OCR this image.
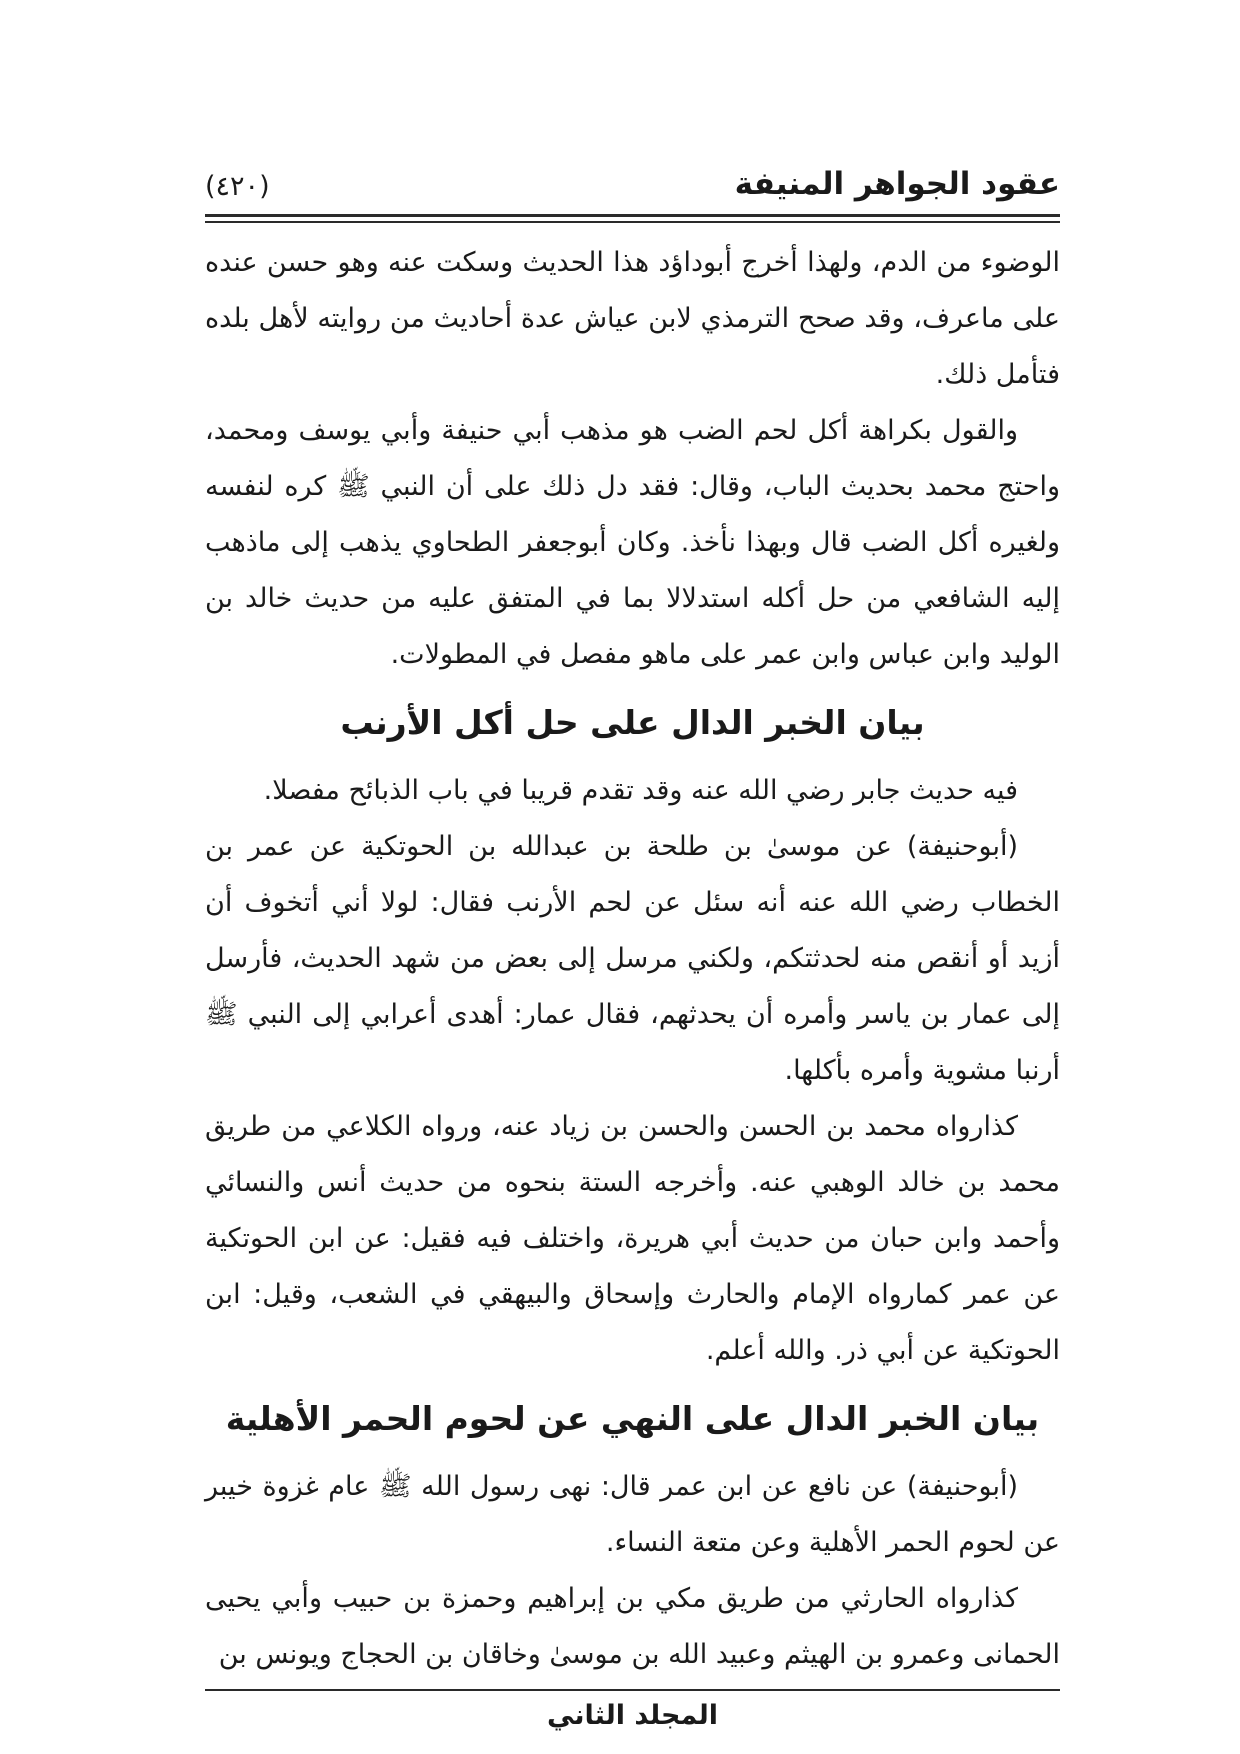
عقود الجواهر المنيفة
(٤٢٠)

الوضوء من الدم، ولهذا أخرج أبوداؤد هذا الحديث وسكت عنه وهو حسن عنده على ماعرف، وقد صحح الترمذي لابن عياش عدة أحاديث من روايته لأهل بلده فتأمل ذلك.

والقول بكراهة أكل لحم الضب هو مذهب أبي حنيفة وأبي يوسف ومحمد، واحتج محمد بحديث الباب، وقال: فقد دل ذلك على أن النبي ﷺ كره لنفسه ولغيره أكل الضب قال وبهذا نأخذ. وكان أبوجعفر الطحاوي يذهب إلى ماذهب إليه الشافعي من حل أكله استدلالا بما في المتفق عليه من حديث خالد بن الوليد وابن عباس وابن عمر على ماهو مفصل في المطولات.

بيان الخبر الدال على حل أكل الأرنب

فيه حديث جابر رضي الله عنه وقد تقدم قريبا في باب الذبائح مفصلا.

(أبوحنيفة) عن موسىٰ بن طلحة بن عبدالله بن الحوتكية عن عمر بن الخطاب رضي الله عنه أنه سئل عن لحم الأرنب فقال: لولا أني أتخوف أن أزيد أو أنقص منه لحدثتكم، ولكني مرسل إلى بعض من شهد الحديث، فأرسل إلى عمار بن ياسر وأمره أن يحدثهم، فقال عمار: أهدى أعرابي إلى النبي ﷺ أرنبا مشوية وأمره بأكلها.

كذارواه محمد بن الحسن والحسن بن زياد عنه، ورواه الكلاعي من طريق محمد بن خالد الوهبي عنه. وأخرجه الستة بنحوه من حديث أنس والنسائي وأحمد وابن حبان من حديث أبي هريرة، واختلف فيه فقيل: عن ابن الحوتكية عن عمر كمارواه الإمام والحارث وإسحاق والبيهقي في الشعب، وقيل: ابن الحوتكية عن أبي ذر. والله أعلم.

بيان الخبر الدال على النهي عن لحوم الحمر الأهلية

(أبوحنيفة) عن نافع عن ابن عمر قال: نهى رسول الله ﷺ عام غزوة خيبر عن لحوم الحمر الأهلية وعن متعة النساء.

كذارواه الحارثي من طريق مكي بن إبراهيم وحمزة بن حبيب وأبي يحيى الحمانى وعمرو بن الهيثم وعبيد الله بن موسىٰ وخاقان بن الحجاج ويونس بن

المجلد الثاني
